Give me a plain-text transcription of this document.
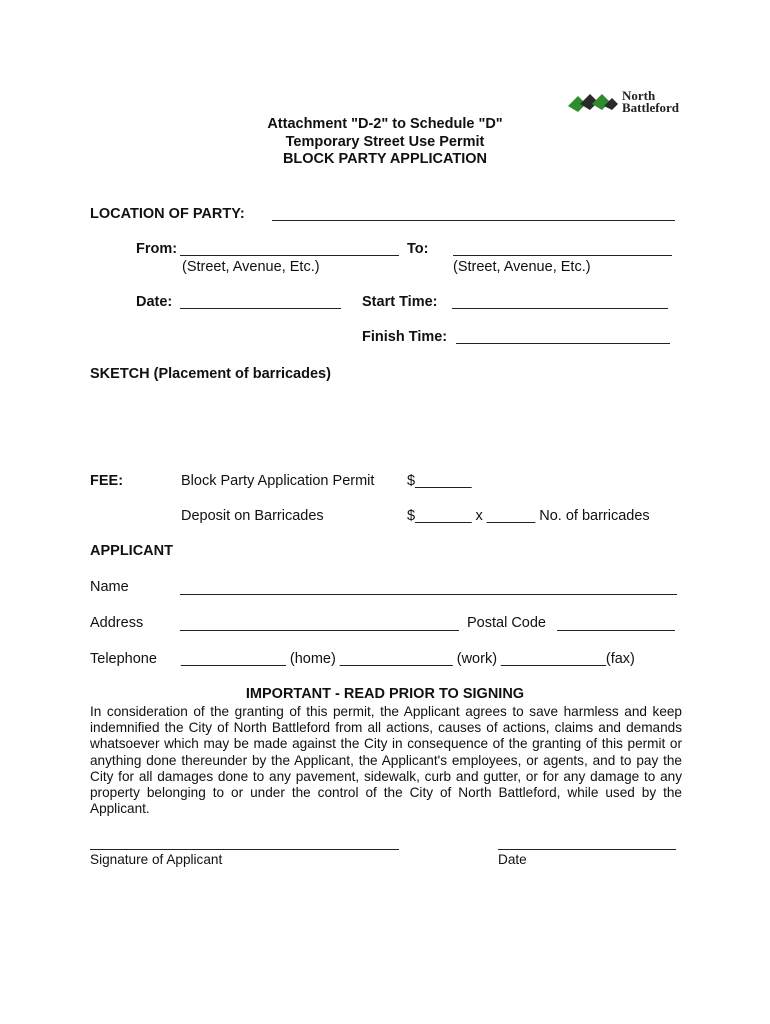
North
Battleford
Attachment "D-2" to Schedule "D"
Temporary Street Use Permit
BLOCK PARTY APPLICATION
LOCATION OF PARTY:
From:	To:
(Street, Avenue, Etc.)	(Street, Avenue, Etc.)
Date:	Start Time:
Finish Time:
SKETCH (Placement of barricades)
FEE:	Block Party Application Permit $_______
Deposit on Barricades	$_______ x ______ No. of barricades
APPLICANT
Name
Address	Postal Code
Telephone _____________ (home) ______________ (work) _____________(fax)
IMPORTANT - READ PRIOR TO SIGNING
In consideration of the granting of this permit, the Applicant agrees to save harmless and keep indemnified the City of North Battleford from all actions, causes of actions, claims and demands whatsoever which may be made against the City in consequence of the granting of this permit or anything done thereunder by the Applicant, the Applicant's employees, or agents, and to pay the City for all damages done to any pavement, sidewalk, curb and gutter, or for any damage to any property belonging to or under the control of the City of North Battleford, while used by the Applicant.
Signature of Applicant	Date
